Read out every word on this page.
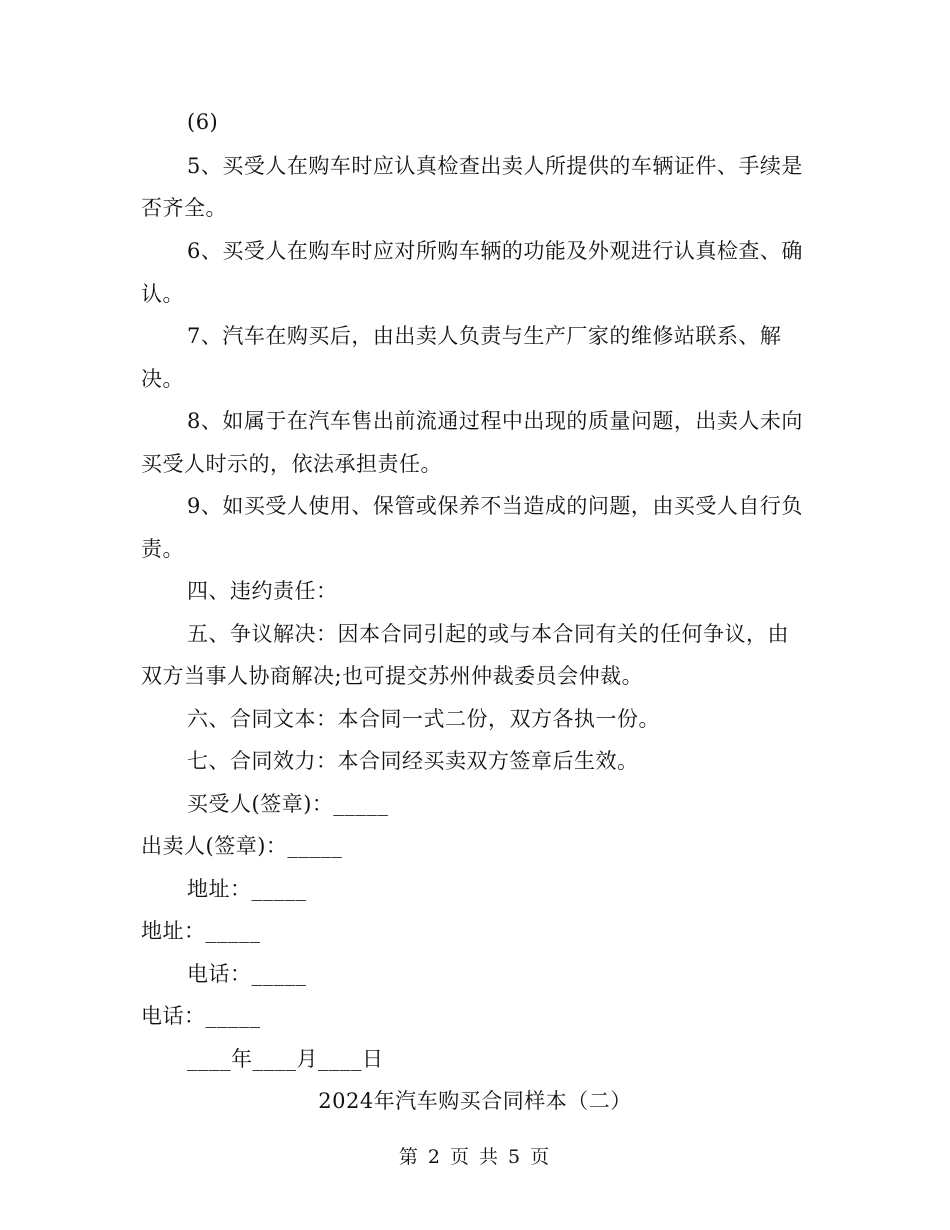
(6)
5、买受人在购车时应认真检查出卖人所提供的车辆证件、手续是
否齐全。
6、买受人在购车时应对所购车辆的功能及外观进行认真检查、确
认。
7、汽车在购买后，由出卖人负责与生产厂家的维修站联系、解
决。
8、如属于在汽车售出前流通过程中出现的质量问题，出卖人未向
买受人时示的，依法承担责任。
9、如买受人使用、保管或保养不当造成的问题，由买受人自行负
责。
四、违约责任：
五、争议解决：因本合同引起的或与本合同有关的任何争议，由
双方当事人协商解决;也可提交苏州仲裁委员会仲裁。
六、合同文本：本合同一式二份，双方各执一份。
七、合同效力：本合同经买卖双方签章后生效。
买受人(签章)：_____
出卖人(签章)：_____
地址：_____
地址：_____
电话：_____
电话：_____
____年____月____日
2024年汽车购买合同样本（二）
第 2 页 共 5 页
